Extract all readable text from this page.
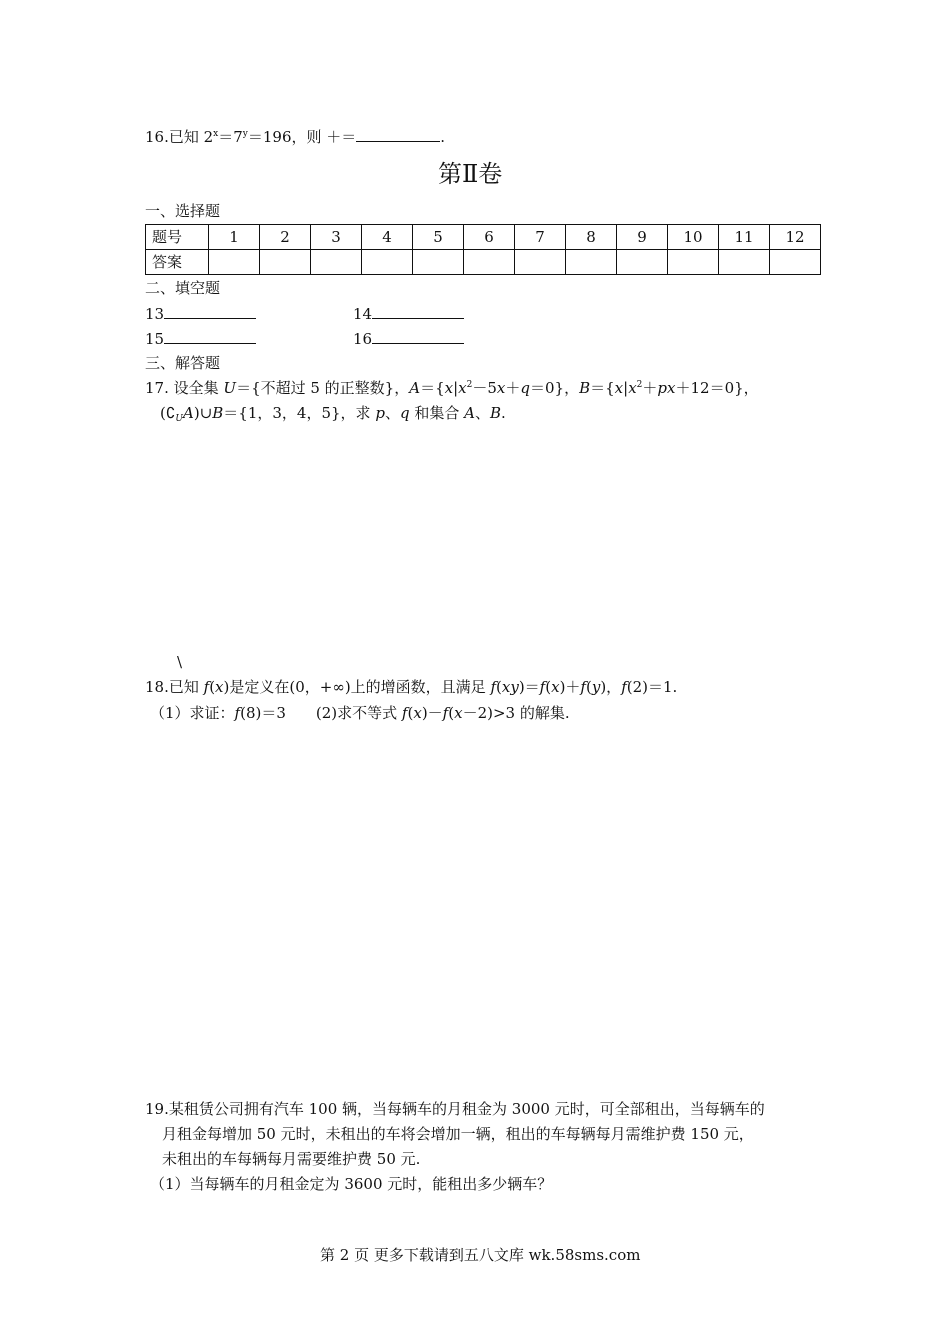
16.已知 $2^x=7^y=196$，则 ＋＝	.
第Ⅱ卷
一、选择题
题号	1	2	3	4	5	6	7	8	9	10	11	12
答案												
二、填空题
13	14
15	16
三、解答题
17. 设全集 U＝{不超过 5 的正整数}，$A=\{x|x^2-5x+q=0\}$，$B=\{x|x^2+px+12=0\}$，
$(∁_UA)\cup B=\{1$，3，4，5}，求 p、q 和集合 A、B.
\
18.已知 f(x)是定义在(0，+∞)上的增函数，且满足 f(xy)＝f(x)＋f(y)，f(2)＝1.
（1）求证：f(8)＝3　　(2)求不等式 f(x)－f(x－2)>3 的解集.
19.某租赁公司拥有汽车 100 辆，当每辆车的月租金为 3000 元时，可全部租出，当每辆车的
月租金每增加 50 元时，未租出的车将会增加一辆，租出的车每辆每月需维护费 150 元，
未租出的车每辆每月需要维护费 50 元.
（1）当每辆车的月租金定为 3600 元时，能租出多少辆车？
第 2 页 更多下载请到五八文库 wk.58sms.com
